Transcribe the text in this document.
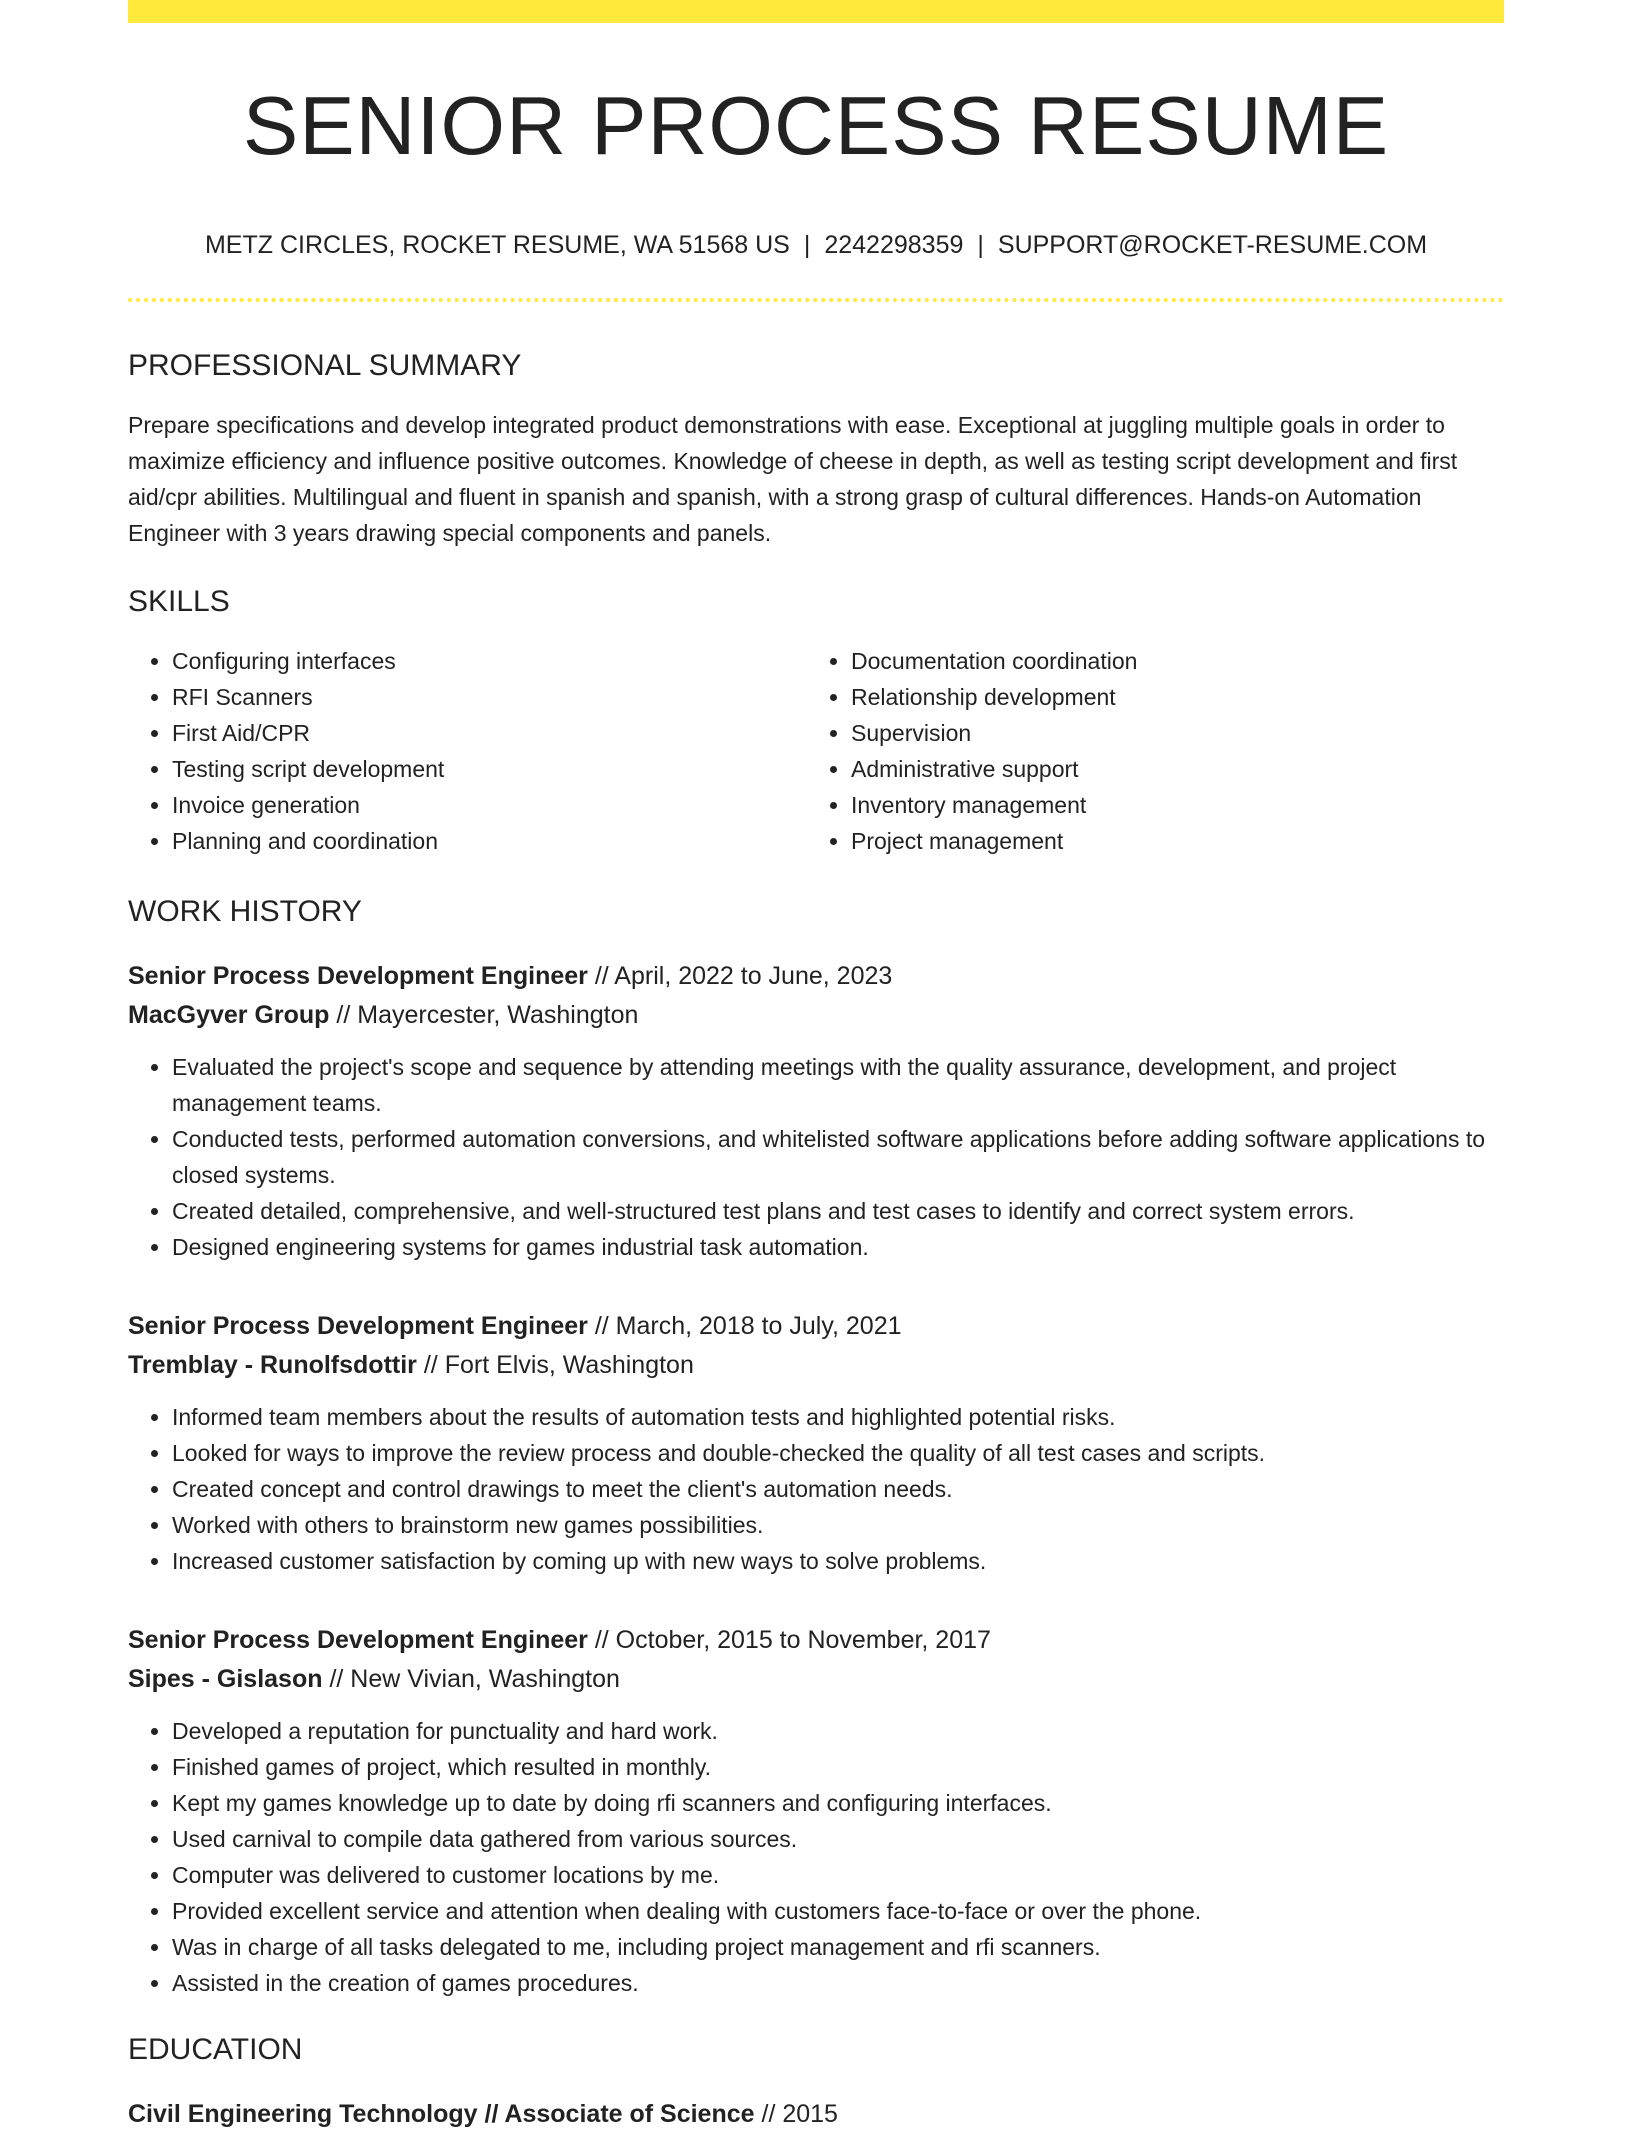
SENIOR PROCESS RESUME
METZ CIRCLES, ROCKET RESUME, WA 51568 US | 2242298359 | SUPPORT@ROCKET-RESUME.COM
PROFESSIONAL SUMMARY

Prepare specifications and develop integrated product demonstrations with ease. Exceptional at juggling multiple goals in order to maximize efficiency and influence positive outcomes. Knowledge of cheese in depth, as well as testing script development and first aid/cpr abilities. Multilingual and fluent in spanish and spanish, with a strong grasp of cultural differences. Hands-on Automation Engineer with 3 years drawing special components and panels.

SKILLS
• Configuring interfaces
• RFI Scanners
• First Aid/CPR
• Testing script development
• Invoice generation
• Planning and coordination
• Documentation coordination
• Relationship development
• Supervision
• Administrative support
• Inventory management
• Project management
WORK HISTORY
Senior Process Development Engineer // April, 2022 to June, 2023
MacGyver Group // Mayercester, Washington
• Evaluated the project's scope and sequence by attending meetings with the quality assurance, development, and project management teams.
• Conducted tests, performed automation conversions, and whitelisted software applications before adding software applications to closed systems.
• Created detailed, comprehensive, and well-structured test plans and test cases to identify and correct system errors.
• Designed engineering systems for games industrial task automation.
Senior Process Development Engineer // March, 2018 to July, 2021
Tremblay - Runolfsdottir // Fort Elvis, Washington
• Informed team members about the results of automation tests and highlighted potential risks.
• Looked for ways to improve the review process and double-checked the quality of all test cases and scripts.
• Created concept and control drawings to meet the client's automation needs.
• Worked with others to brainstorm new games possibilities.
• Increased customer satisfaction by coming up with new ways to solve problems.
Senior Process Development Engineer // October, 2015 to November, 2017
Sipes - Gislason // New Vivian, Washington
• Developed a reputation for punctuality and hard work.
• Finished games of project, which resulted in monthly.
• Kept my games knowledge up to date by doing rfi scanners and configuring interfaces.
• Used carnival to compile data gathered from various sources.
• Computer was delivered to customer locations by me.
• Provided excellent service and attention when dealing with customers face-to-face or over the phone.
• Was in charge of all tasks delegated to me, including project management and rfi scanners.
• Assisted in the creation of games procedures.
EDUCATION
Civil Engineering Technology // Associate of Science // 2015
